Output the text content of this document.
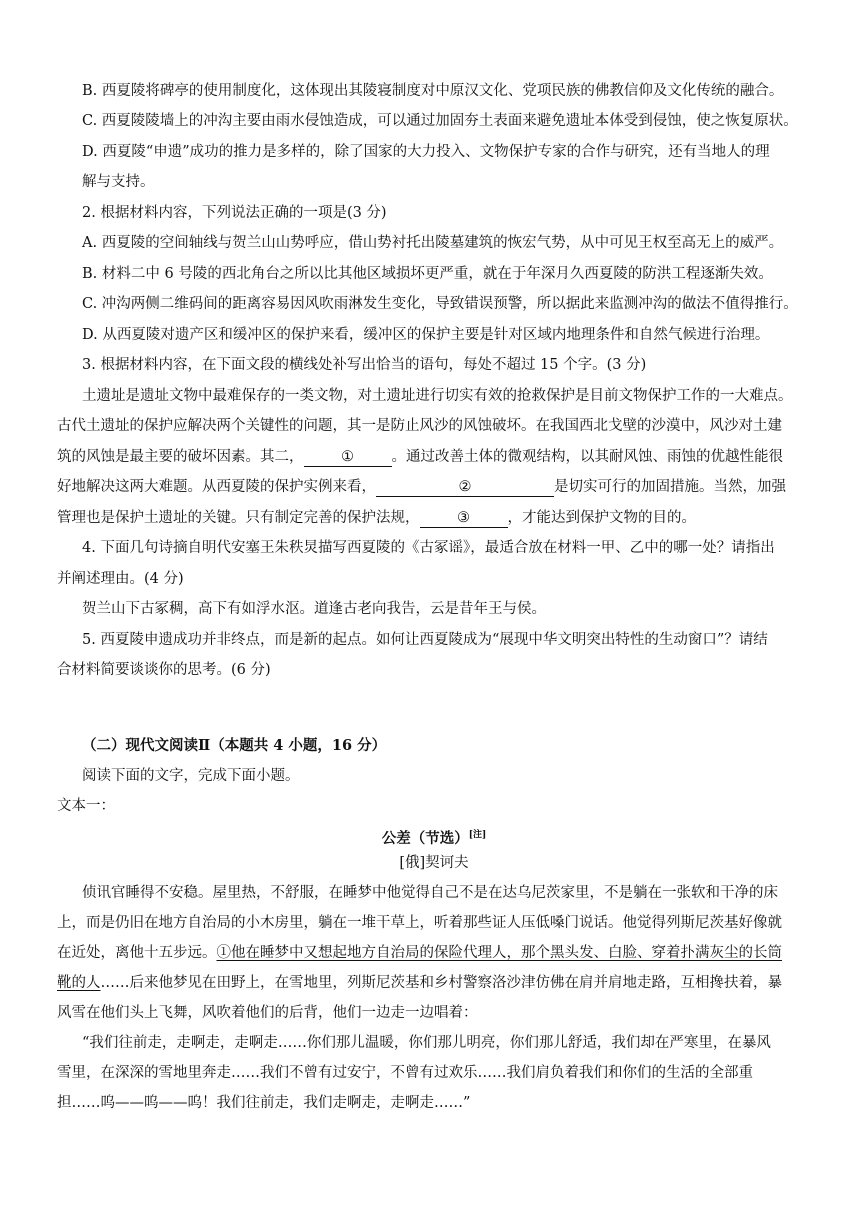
B. 西夏陵将碑亭的使用制度化，这体现出其陵寝制度对中原汉文化、党项民族的佛教信仰及文化传统的融合。

C. 西夏陵陵墙上的冲沟主要由雨水侵蚀造成，可以通过加固夯土表面来避免遗址本体受到侵蚀，使之恢复原状。

D. 西夏陵“申遗”成功的推力是多样的，除了国家的大力投入、文物保护专家的合作与研究，还有当地人的理

解与支持。

2. 根据材料内容，下列说法正确的一项是(3 分)

A. 西夏陵的空间轴线与贺兰山山势呼应，借山势衬托出陵墓建筑的恢宏气势，从中可见王权至高无上的威严。

B. 材料二中 6 号陵的西北角台之所以比其他区域损坏更严重，就在于年深月久西夏陵的防洪工程逐渐失效。

C. 冲沟两侧二维码间的距离容易因风吹雨淋发生变化，导致错误预警，所以据此来监测冲沟的做法不值得推行。

D. 从西夏陵对遗产区和缓冲区的保护来看，缓冲区的保护主要是针对区域内地理条件和自然气候进行治理。

3. 根据材料内容，在下面文段的横线处补写出恰当的语句，每处不超过 15 个字。(3 分)

土遗址是遗址文物中最难保存的一类文物，对土遗址进行切实有效的抢救保护是目前文物保护工作的一大难点。

古代土遗址的保护应解决两个关键性的问题，其一是防止风沙的风蚀破坏。在我国西北戈壁的沙漠中，风沙对土建

筑的风蚀是最主要的破坏因素。其二，	①	。通过改善土体的微观结构，以其耐风蚀、雨蚀的优越性能很

好地解决这两大难题。从西夏陵的保护实例来看，	②	是切实可行的加固措施。当然，加强

管理也是保护土遗址的关键。只有制定完善的保护法规，	③	，才能达到保护文物的目的。

4. 下面几句诗摘自明代安塞王朱秩炅描写西夏陵的《古冢谣》，最适合放在材料一甲、乙中的哪一处？请指出

并阐述理由。(4 分)

贺兰山下古冢稠，高下有如浮水沤。道逢古老向我告，云是昔年王与侯。

5. 西夏陵申遗成功并非终点，而是新的起点。如何让西夏陵成为“展现中华文明突出特性的生动窗口”？请结

合材料简要谈谈你的思考。(6 分)

（二）现代文阅读Ⅱ（本题共 4 小题，16 分）

阅读下面的文字，完成下面小题。

文本一：

公差（节选）[注]

[俄]契诃夫

侦讯官睡得不安稳。屋里热，不舒服，在睡梦中他觉得自己不是在达乌尼茨家里，不是躺在一张软和干净的床

上，而是仍旧在地方自治局的小木房里，躺在一堆干草上，听着那些证人压低嗓门说话。他觉得列斯尼茨基好像就

在近处，离他十五步远。①他在睡梦中又想起地方自治局的保险代理人，那个黑头发、白脸、穿着扑满灰尘的长筒

靴的人……后来他梦见在田野上，在雪地里，列斯尼茨基和乡村警察洛沙津仿佛在肩并肩地走路，互相搀扶着，暴

风雪在他们头上飞舞，风吹着他们的后背，他们一边走一边唱着：

“我们往前走，走啊走，走啊走……你们那儿温暖，你们那儿明亮，你们那儿舒适，我们却在严寒里，在暴风

雪里，在深深的雪地里奔走……我们不曾有过安宁，不曾有过欢乐……我们肩负着我们和你们的生活的全部重

担……呜——呜——呜！我们往前走，我们走啊走，走啊走……”
